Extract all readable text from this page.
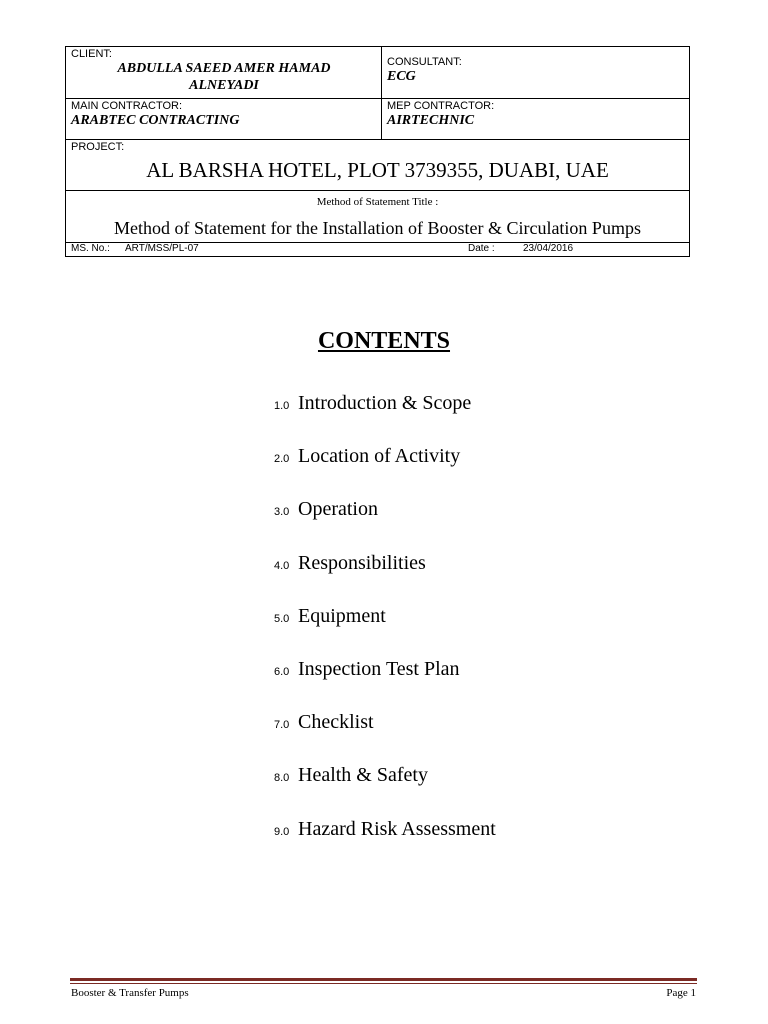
CLIENT:
ABDULLA SAEED AMER HAMAD
ALNEYADI
CONSULTANT:
ECG
MAIN CONTRACTOR:
ARABTEC CONTRACTING
MEP CONTRACTOR:
AIRTECHNIC
PROJECT:
AL BARSHA HOTEL, PLOT 3739355, DUABI, UAE
Method of Statement Title :
Method of Statement for the Installation of Booster & Circulation Pumps
MS. No.: ART/MSS/PL-07	Date :	23/04/2016
CONTENTS
1.0 Introduction & Scope
2.0 Location of Activity
3.0 Operation
4.0 Responsibilities
5.0 Equipment
6.0 Inspection Test Plan
7.0 Checklist
8.0 Health & Safety
9.0 Hazard Risk Assessment
Booster & Transfer Pumps	Page 1
